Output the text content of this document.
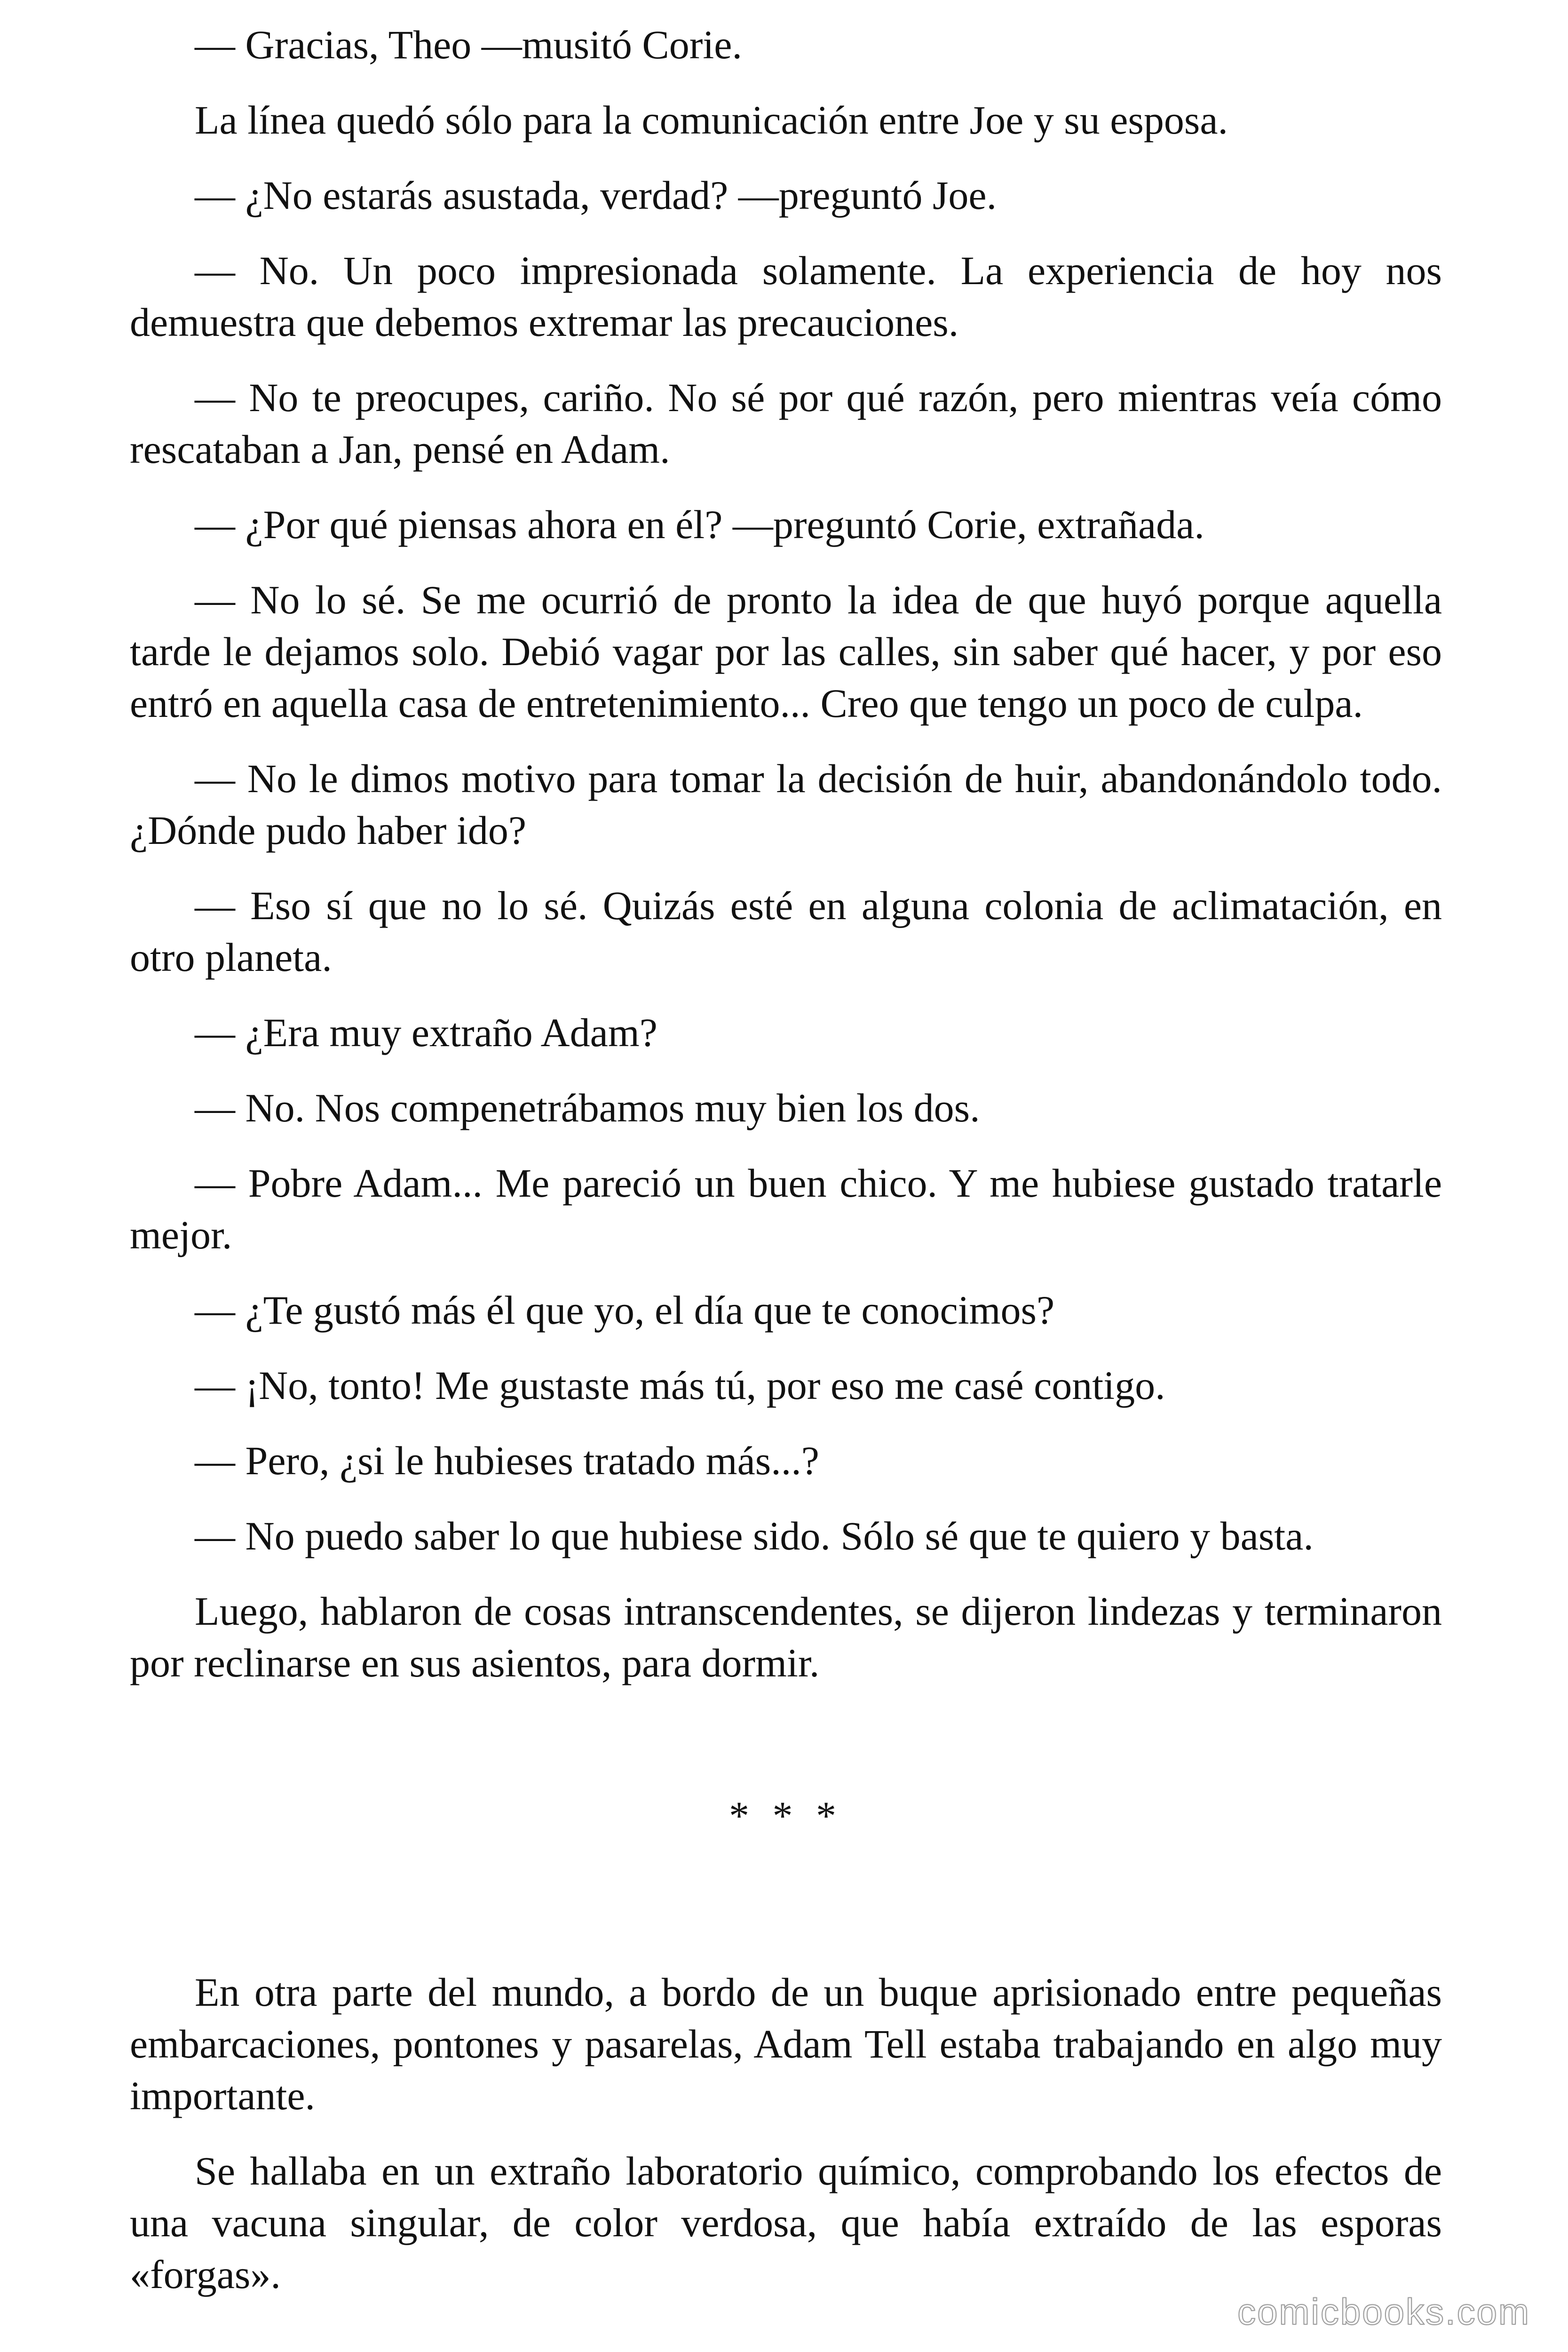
— Gracias, Theo —musitó Corie.

La línea quedó sólo para la comunicación entre Joe y su esposa.

— ¿No estarás asustada, verdad? —preguntó Joe.

— No. Un poco impresionada solamente. La experiencia de hoy nos demuestra que debemos extremar las precauciones.

— No te preocupes, cariño. No sé por qué razón, pero mientras veía cómo rescataban a Jan, pensé en Adam.

— ¿Por qué piensas ahora en él? —preguntó Corie, extrañada.

— No lo sé. Se me ocurrió de pronto la idea de que huyó porque aquella tarde le dejamos solo. Debió vagar por las calles, sin saber qué hacer, y por eso entró en aquella casa de entretenimiento... Creo que tengo un poco de culpa.

— No le dimos motivo para tomar la decisión de huir, abandonándolo todo. ¿Dónde pudo haber ido?

— Eso sí que no lo sé. Quizás esté en alguna colonia de aclimatación, en otro planeta.

— ¿Era muy extraño Adam?

— No. Nos compenetrábamos muy bien los dos.

— Pobre Adam... Me pareció un buen chico. Y me hubiese gustado tratarle mejor.

— ¿Te gustó más él que yo, el día que te conocimos?

— ¡No, tonto! Me gustaste más tú, por eso me casé contigo.

— Pero, ¿si le hubieses tratado más...?

— No puedo saber lo que hubiese sido. Sólo sé que te quiero y basta.

Luego, hablaron de cosas intranscendentes, se dijeron lindezas y terminaron por reclinarse en sus asientos, para dormir.

* * *

En otra parte del mundo, a bordo de un buque aprisionado entre pequeñas embarcaciones, pontones y pasarelas, Adam Tell estaba trabajando en algo muy importante.

Se hallaba en un extraño laboratorio químico, comprobando los efectos de una vacuna singular, de color verdosa, que había extraído de las esporas «forgas».

comicbooks.com
